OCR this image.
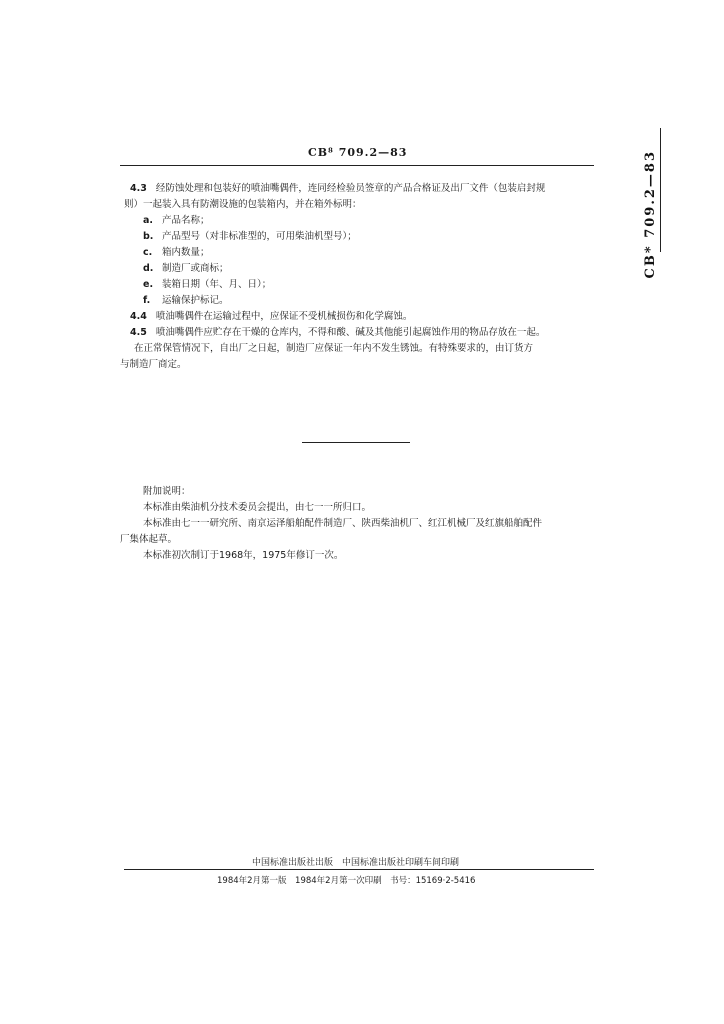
CB⁸ 709.2—83	CB* 709.2—83
4.3 经防蚀处理和包装好的喷油嘴偶件，连同经检验员签章的产品合格证及出厂文件（包装启封规
则）一起装入具有防潮设施的包装箱内，并在箱外标明：
a. 产品名称；
b. 产品型号（对非标准型的，可用柴油机型号）；
c. 箱内数量；
d. 制造厂或商标；
e. 装箱日期（年、月、日）；
f. 运输保护标记。
4.4 喷油嘴偶件在运输过程中，应保证不受机械损伤和化学腐蚀。
4.5 喷油嘴偶件应贮存在干燥的仓库内，不得和酸、碱及其他能引起腐蚀作用的物品存放在一起。
在正常保管情况下，自出厂之日起，制造厂应保证一年内不发生锈蚀。有特殊要求的，由订货方
与制造厂商定。
附加说明：
本标准由柴油机分技术委员会提出，由七一一所归口。
本标准由七一一研究所、南京运泽船舶配件制造厂、陕西柴油机厂、红江机械厂及红旗船舶配件
厂集体起草。
本标准初次制订于1968年，1975年修订一次。
中国标准出版社出版　中国标准出版社印刷车间印刷
1984年2月第一版　1984年2月第一次印刷　书号：15169·2-5416
